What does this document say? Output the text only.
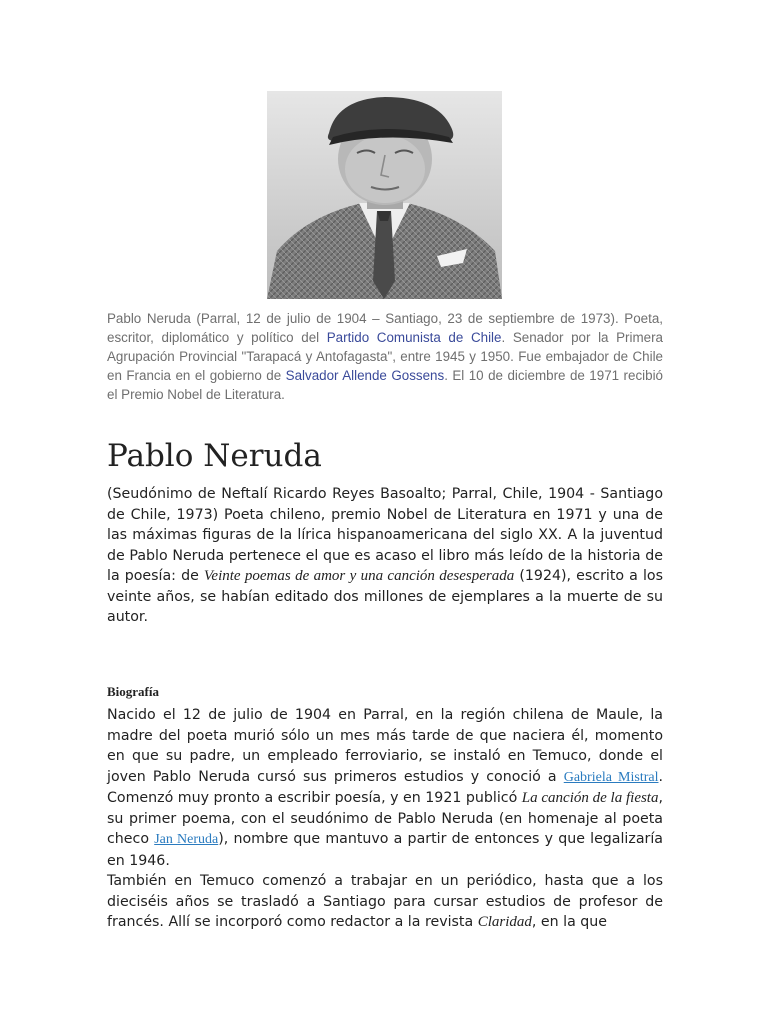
Pablo Neruda (Parral, 12 de julio de 1904 – Santiago, 23 de septiembre de 1973). Poeta, escritor, diplomático y político del Partido Comunista de Chile. Senador por la Primera Agrupación Provincial "Tarapacá y Antofagasta", entre 1945 y 1950. Fue embajador de Chile en Francia en el gobierno de Salvador Allende Gossens. El 10 de diciembre de 1971 recibió el Premio Nobel de Literatura.

Pablo Neruda

(Seudónimo de Neftalí Ricardo Reyes Basoalto; Parral, Chile, 1904 - Santiago de Chile, 1973) Poeta chileno, premio Nobel de Literatura en 1971 y una de las máximas figuras de la lírica hispanoamericana del siglo XX. A la juventud de Pablo Neruda pertenece el que es acaso el libro más leído de la historia de la poesía: de Veinte poemas de amor y una canción desesperada (1924), escrito a los veinte años, se habían editado dos millones de ejemplares a la muerte de su autor.

Biografía

Nacido el 12 de julio de 1904 en Parral, en la región chilena de Maule, la madre del poeta murió sólo un mes más tarde de que naciera él, momento en que su padre, un empleado ferroviario, se instaló en Temuco, donde el joven Pablo Neruda cursó sus primeros estudios y conoció a Gabriela Mistral. Comenzó muy pronto a escribir poesía, y en 1921 publicó La canción de la fiesta, su primer poema, con el seudónimo de Pablo Neruda (en homenaje al poeta checo Jan Neruda), nombre que mantuvo a partir de entonces y que legalizaría en 1946.

También en Temuco comenzó a trabajar en un periódico, hasta que a los dieciséis años se trasladó a Santiago para cursar estudios de profesor de francés. Allí se incorporó como redactor a la revista Claridad, en la que
